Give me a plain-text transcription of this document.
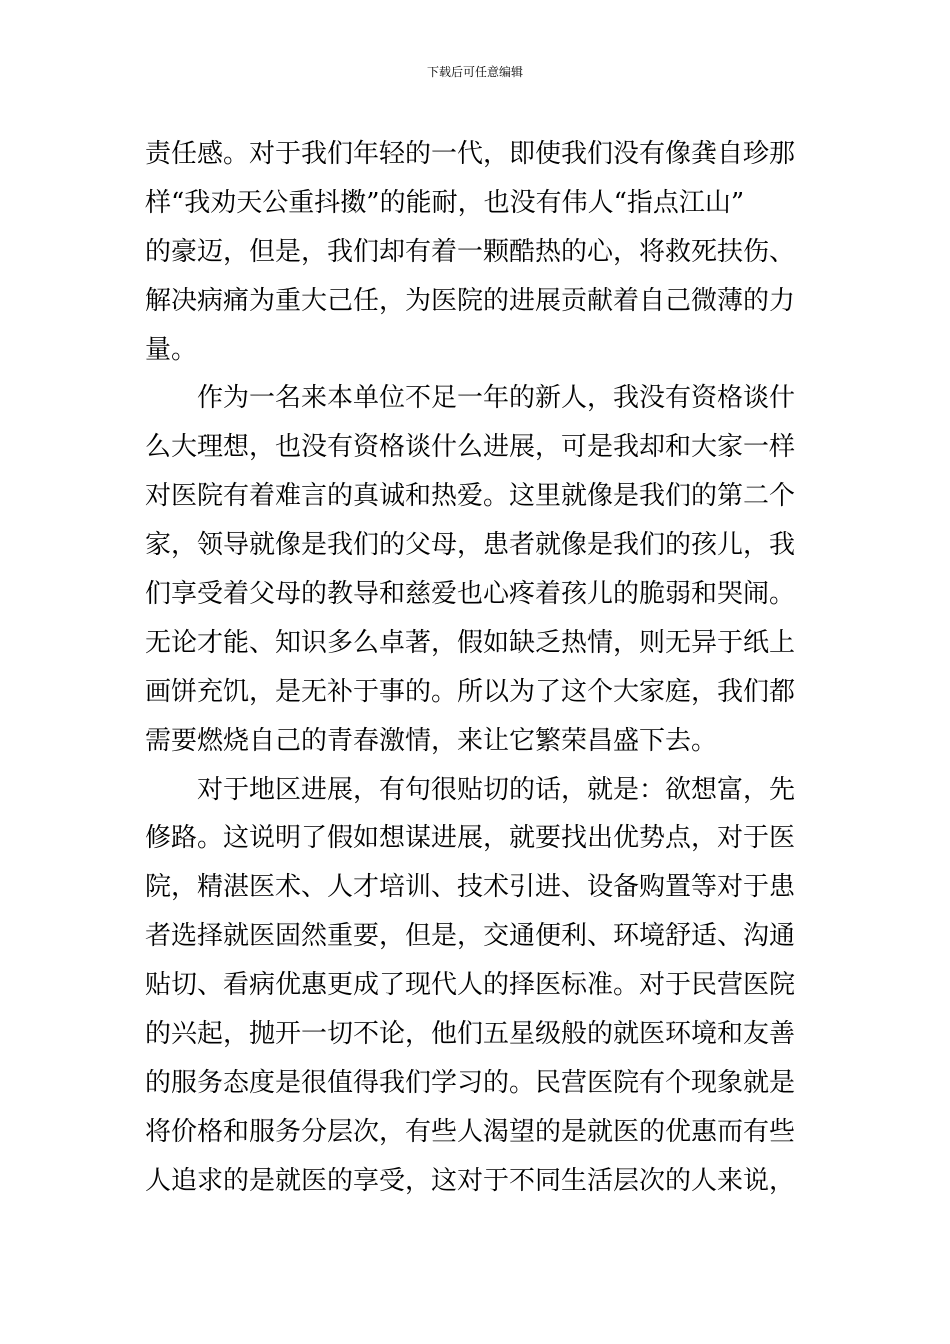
下载后可任意编辑
责任感。对于我们年轻的一代，即使我们没有像龚自珍那
样“我劝天公重抖擞”的能耐，也没有伟人“指点江山”
的豪迈，但是，我们却有着一颗酷热的心，将救死扶伤、
解决病痛为重大己任，为医院的进展贡献着自己微薄的力
量。
作为一名来本单位不足一年的新人，我没有资格谈什
么大理想，也没有资格谈什么进展，可是我却和大家一样
对医院有着难言的真诚和热爱。这里就像是我们的第二个
家，领导就像是我们的父母，患者就像是我们的孩儿，我
们享受着父母的教导和慈爱也心疼着孩儿的脆弱和哭闹。
无论才能、知识多么卓著，假如缺乏热情，则无异于纸上
画饼充饥，是无补于事的。所以为了这个大家庭，我们都
需要燃烧自己的青春激情，来让它繁荣昌盛下去。
对于地区进展，有句很贴切的话，就是：欲想富，先
修路。这说明了假如想谋进展，就要找出优势点，对于医
院，精湛医术、人才培训、技术引进、设备购置等对于患
者选择就医固然重要，但是，交通便利、环境舒适、沟通
贴切、看病优惠更成了现代人的择医标准。对于民营医院
的兴起，抛开一切不论，他们五星级般的就医环境和友善
的服务态度是很值得我们学习的。民营医院有个现象就是
将价格和服务分层次，有些人渴望的是就医的优惠而有些
人追求的是就医的享受，这对于不同生活层次的人来说，
